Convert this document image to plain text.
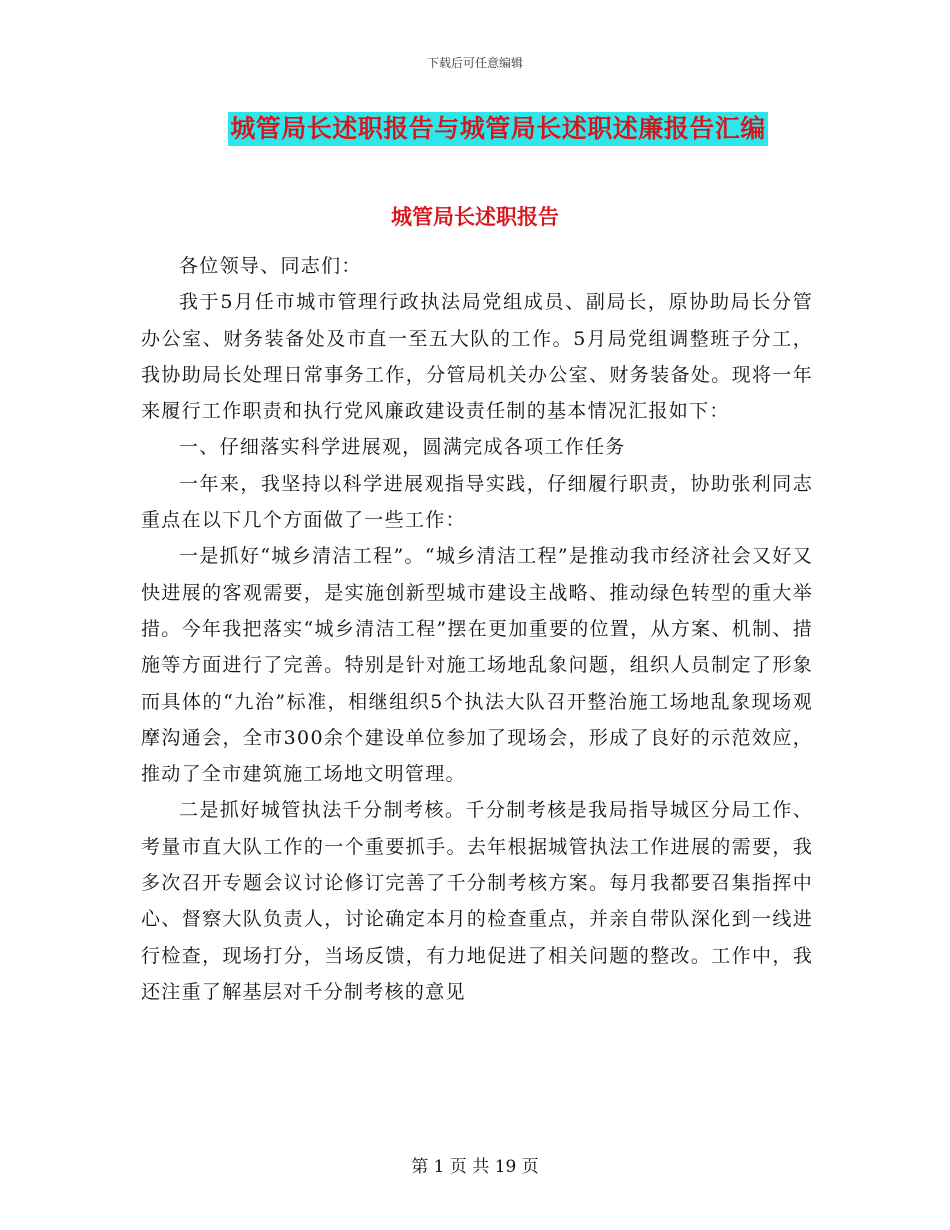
下载后可任意编辑
城管局长述职报告与城管局长述职述廉报告汇编
城管局长述职报告

各位领导、同志们：

我于5月任市城市管理行政执法局党组成员、副局长，原协助局长分管办公室、财务装备处及市直一至五大队的工作。5月局党组调整班子分工，我协助局长处理日常事务工作，分管局机关办公室、财务装备处。现将一年来履行工作职责和执行党风廉政建设责任制的基本情况汇报如下：

一、仔细落实科学进展观，圆满完成各项工作任务

一年来，我坚持以科学进展观指导实践，仔细履行职责，协助张利同志重点在以下几个方面做了一些工作：

一是抓好“城乡清洁工程”。“城乡清洁工程”是推动我市经济社会又好又快进展的客观需要，是实施创新型城市建设主战略、推动绿色转型的重大举措。今年我把落实“城乡清洁工程”摆在更加重要的位置，从方案、机制、措施等方面进行了完善。特别是针对施工场地乱象问题，组织人员制定了形象而具体的“九治”标准，相继组织5个执法大队召开整治施工场地乱象现场观摩沟通会，全市300余个建设单位参加了现场会，形成了良好的示范效应，推动了全市建筑施工场地文明管理。

二是抓好城管执法千分制考核。千分制考核是我局指导城区分局工作、考量市直大队工作的一个重要抓手。去年根据城管执法工作进展的需要，我多次召开专题会议讨论修订完善了千分制考核方案。每月我都要召集指挥中心、督察大队负责人，讨论确定本月的检查重点，并亲自带队深化到一线进行检查，现场打分，当场反馈，有力地促进了相关问题的整改。工作中，我还注重了解基层对千分制考核的意见

第 1 页 共 19 页
